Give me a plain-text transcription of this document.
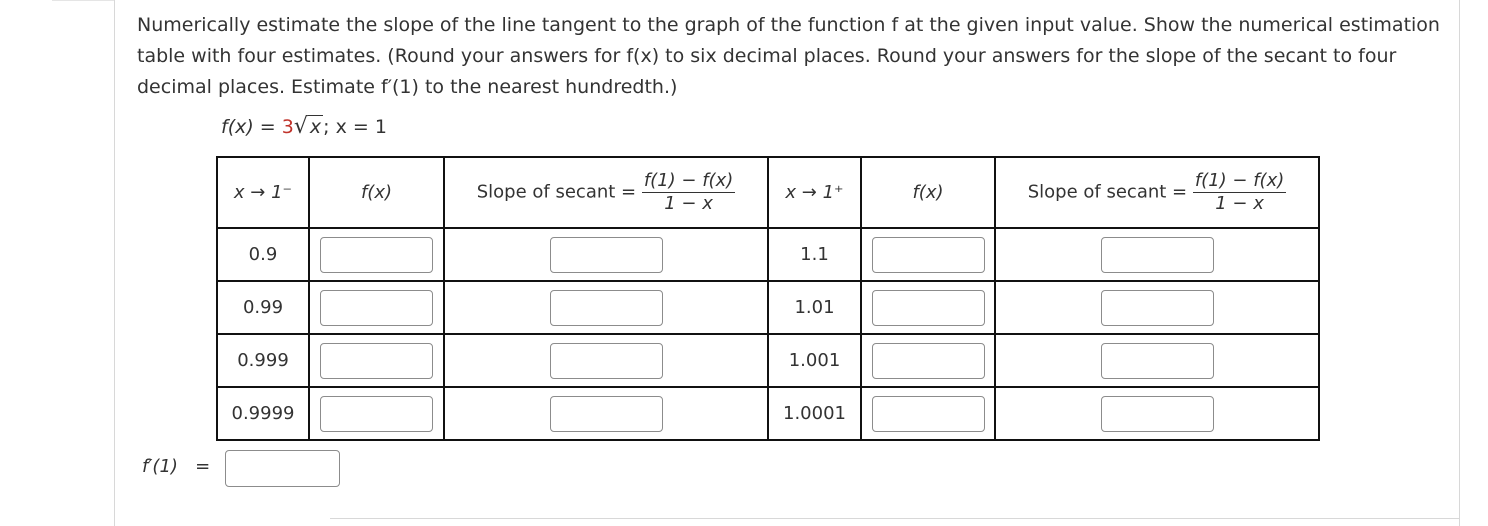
Numerically estimate the slope of the line tangent to the graph of the function f at the given input value. Show the numerical estimation table with four estimates. (Round your answers for f(x) to six decimal places. Round your answers for the slope of the secant to four decimal places. Estimate f′(1) to the nearest hundredth.)
f(x) = 3√ x ; x = 1
x → 1⁻	f(x)	Slope of secant = $\frac{f(1) - f(x)}{1 - x}$	x → 1⁺	f(x)	Slope of secant = $\frac{f(1) - f(x)}{1 - x}$

0.9			1.1		
0.99			1.01		
0.999			1.001		
0.9999			1.0001		
f′(1) =
